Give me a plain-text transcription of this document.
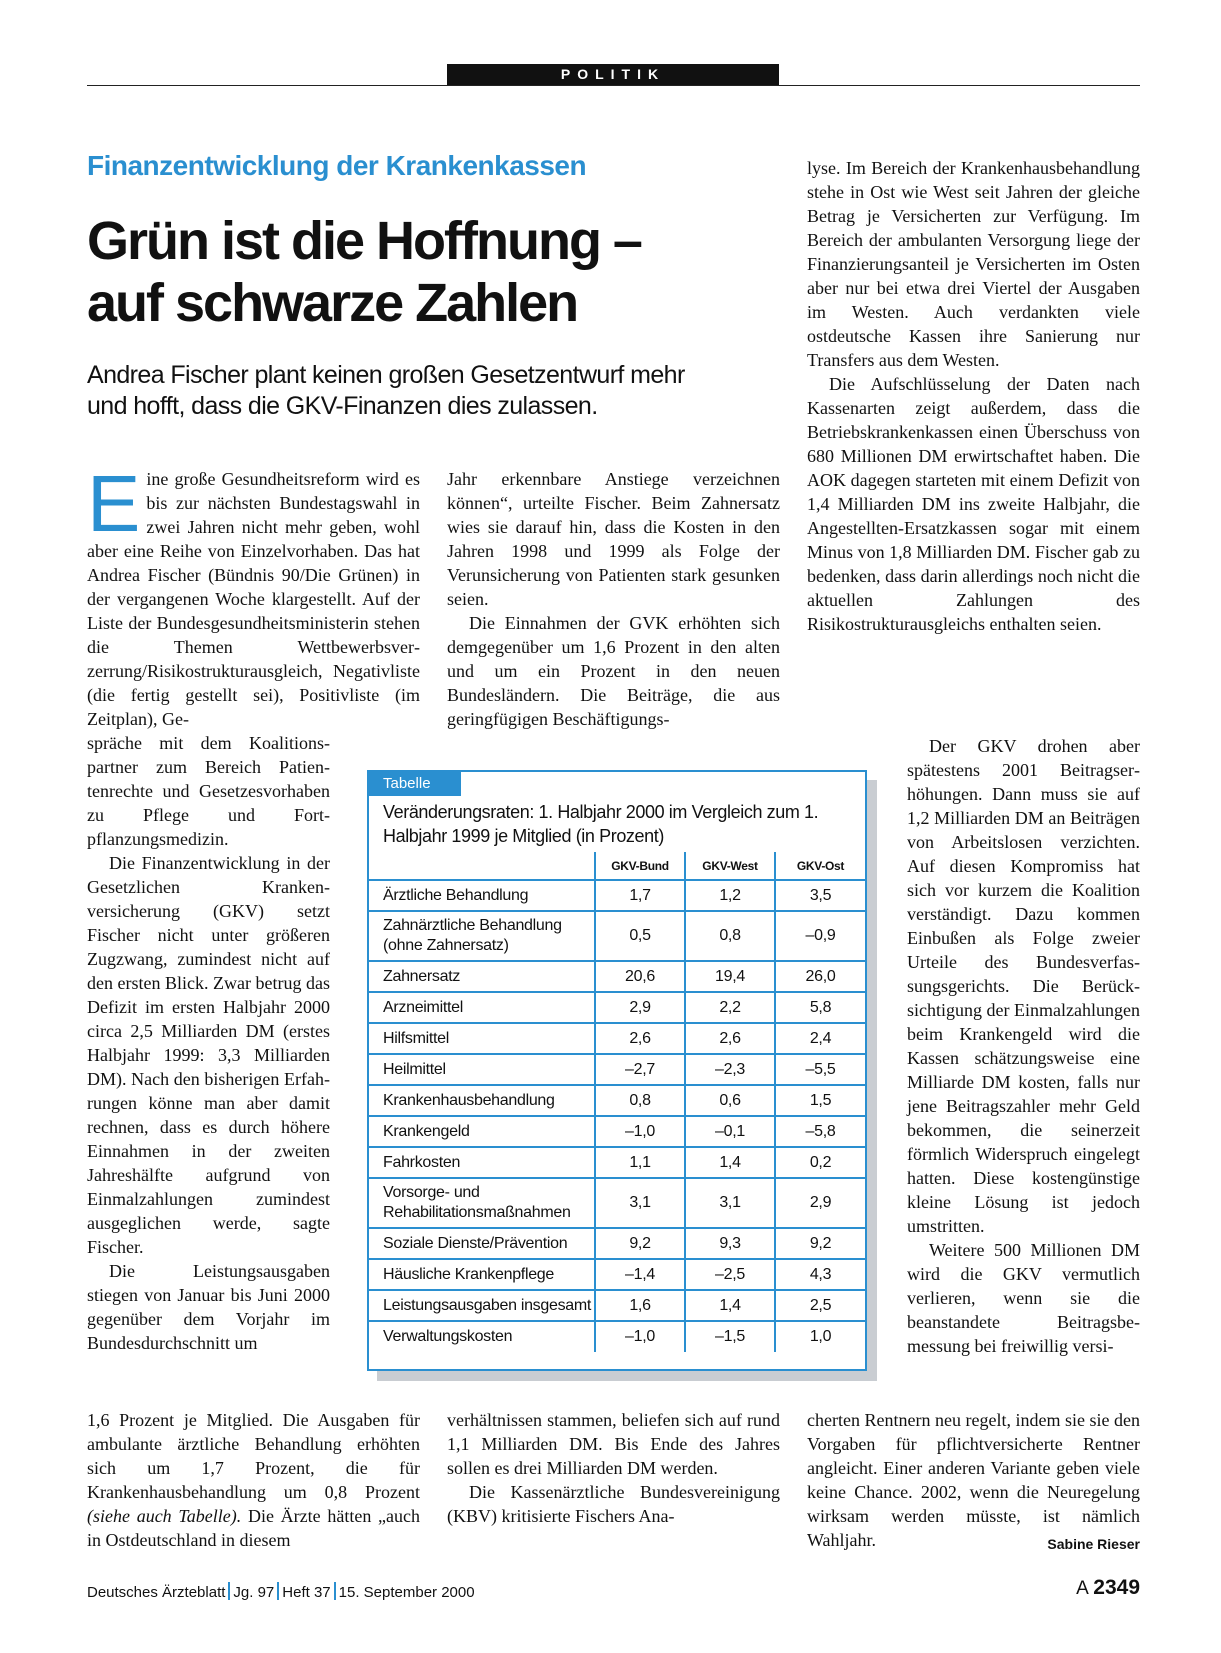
POLITIK
Finanzentwicklung der Krankenkassen
Grün ist die Hoffnung –
auf schwarze Zahlen
Andrea Fischer plant keinen großen Gesetzentwurf mehr
und hofft, dass die GKV-Finanzen dies zulassen.

Eine große Gesundheitsreform wird es bis zur nächsten Bundestagswahl in zwei Jahren nicht mehr geben, wohl aber eine Reihe von Einzelvorhaben. Das hat Andrea Fischer (Bündnis 90/Die Grünen) in der vergangenen Woche klargestellt. Auf der Liste der Bundesgesundheitsministerin stehen die Themen Wettbewerbsverzerrung/Risikostrukturausgleich, Negativliste (die fertig gestellt sei), Positivliste (im Zeitplan), Ge-

spräche mit dem Koalitionspartner zum Bereich Patientenrechte und Gesetzesvorhaben zu Pflege und Fortpflanzungsmedizin.

Die Finanzentwicklung in der Gesetzlichen Krankenversicherung (GKV) setzt Fischer nicht unter größeren Zugzwang, zumindest nicht auf den ersten Blick. Zwar betrug das Defizit im ersten Halbjahr 2000 circa 2,5 Milliarden DM (erstes Halbjahr 1999: 3,3 Milliarden DM). Nach den bisherigen Erfahrungen könne man aber damit rechnen, dass es durch höhere Einnahmen in der zweiten Jahreshälfte aufgrund von Einmalzahlungen zumindest ausgeglichen werde, sagte Fischer.

Die Leistungsausgaben stiegen von Januar bis Juni 2000 gegenüber dem Vorjahr im Bundesdurchschnitt um

1,6 Prozent je Mitglied. Die Ausgaben für ambulante ärztliche Behandlung erhöhten sich um 1,7 Prozent, die für Krankenhausbehandlung um 0,8 Prozent (siehe auch Tabelle). Die Ärzte hätten „auch in Ostdeutschland in diesem

Jahr erkennbare Anstiege verzeichnen können“, urteilte Fischer. Beim Zahnersatz wies sie darauf hin, dass die Kosten in den Jahren 1998 und 1999 als Folge der Verunsicherung von Patienten stark gesunken seien.

Die Einnahmen der GVK erhöhten sich demgegenüber um 1,6 Prozent in den alten und um ein Prozent in den neuen Bundesländern. Die Beiträge, die aus geringfügigen Beschäftigungs-

verhältnissen stammen, beliefen sich auf rund 1,1 Milliarden DM. Bis Ende des Jahres sollen es drei Milliarden DM werden.

Die Kassenärztliche Bundesvereinigung (KBV) kritisierte Fischers Ana-

lyse. Im Bereich der Krankenhausbehandlung stehe in Ost wie West seit Jahren der gleiche Betrag je Versicherten zur Verfügung. Im Bereich der ambulanten Versorgung liege der Finanzierungsanteil je Versicherten im Osten aber nur bei etwa drei Viertel der Ausgaben im Westen. Auch verdankten viele ostdeutsche Kassen ihre Sanierung nur Transfers aus dem Westen.

Die Aufschlüsselung der Daten nach Kassenarten zeigt außerdem, dass die Betriebskrankenkassen einen Überschuss von 680 Millionen DM erwirtschaftet haben. Die AOK dagegen starteten mit einem Defizit von 1,4 Milliarden DM ins zweite Halbjahr, die Angestellten-Ersatzkassen sogar mit einem Minus von 1,8 Milliarden DM. Fischer gab zu bedenken, dass darin allerdings noch nicht die aktuellen Zahlungen des Risikostrukturausgleichs enthalten seien.

Der GKV drohen aber spätestens 2001 Beitragserhöhungen. Dann muss sie auf 1,2 Milliarden DM an Beiträgen von Arbeitslosen verzichten. Auf diesen Kompromiss hat sich vor kurzem die Koalition verständigt. Dazu kommen Einbußen als Folge zweier Urteile des Bundesverfassungsgerichts. Die Berücksichtigung der Einmalzahlungen beim Krankengeld wird die Kassen schätzungsweise eine Milliarde DM kosten, falls nur jene Beitragszahler mehr Geld bekommen, die seinerzeit förmlich Widerspruch eingelegt hatten. Diese kostengünstige kleine Lösung ist jedoch umstritten.

Weitere 500 Millionen DM wird die GKV vermutlich verlieren, wenn sie die beanstandete Beitragsbemessung bei freiwillig versi-

cherten Rentnern neu regelt, indem sie sie den Vorgaben für pflichtversicherte Rentner angleicht. Einer anderen Variante geben viele keine Chance. 2002, wenn die Neuregelung wirksam werden müsste, ist nämlich Wahljahr.	Sabine Rieser

Tabelle
Veränderungsraten: 1. Halbjahr 2000 im Vergleich zum 1. Halbjahr 1999 je Mitglied (in Prozent)
	GKV-Bund	GKV-West	GKV-Ost
Ärztliche Behandlung	1,7	1,2	3,5
Zahnärztliche Behandlung (ohne Zahnersatz)	0,5	0,8	–0,9
Zahnersatz	20,6	19,4	26,0
Arzneimittel	2,9	2,2	5,8
Hilfsmittel	2,6	2,6	2,4
Heilmittel	–2,7	–2,3	–5,5
Krankenhausbehandlung	0,8	0,6	1,5
Krankengeld	–1,0	–0,1	–5,8
Fahrkosten	1,1	1,4	0,2
Vorsorge- und Rehabilitationsmaßnahmen	3,1	3,1	2,9
Soziale Dienste/Prävention	9,2	9,3	9,2
Häusliche Krankenpflege	–1,4	–2,5	4,3
Leistungsausgaben insgesamt	1,6	1,4	2,5
Verwaltungskosten	–1,0	–1,5	1,0
Deutsches Ärzteblatt Jg. 97 Heft 37 15. September 2000	A 2349
